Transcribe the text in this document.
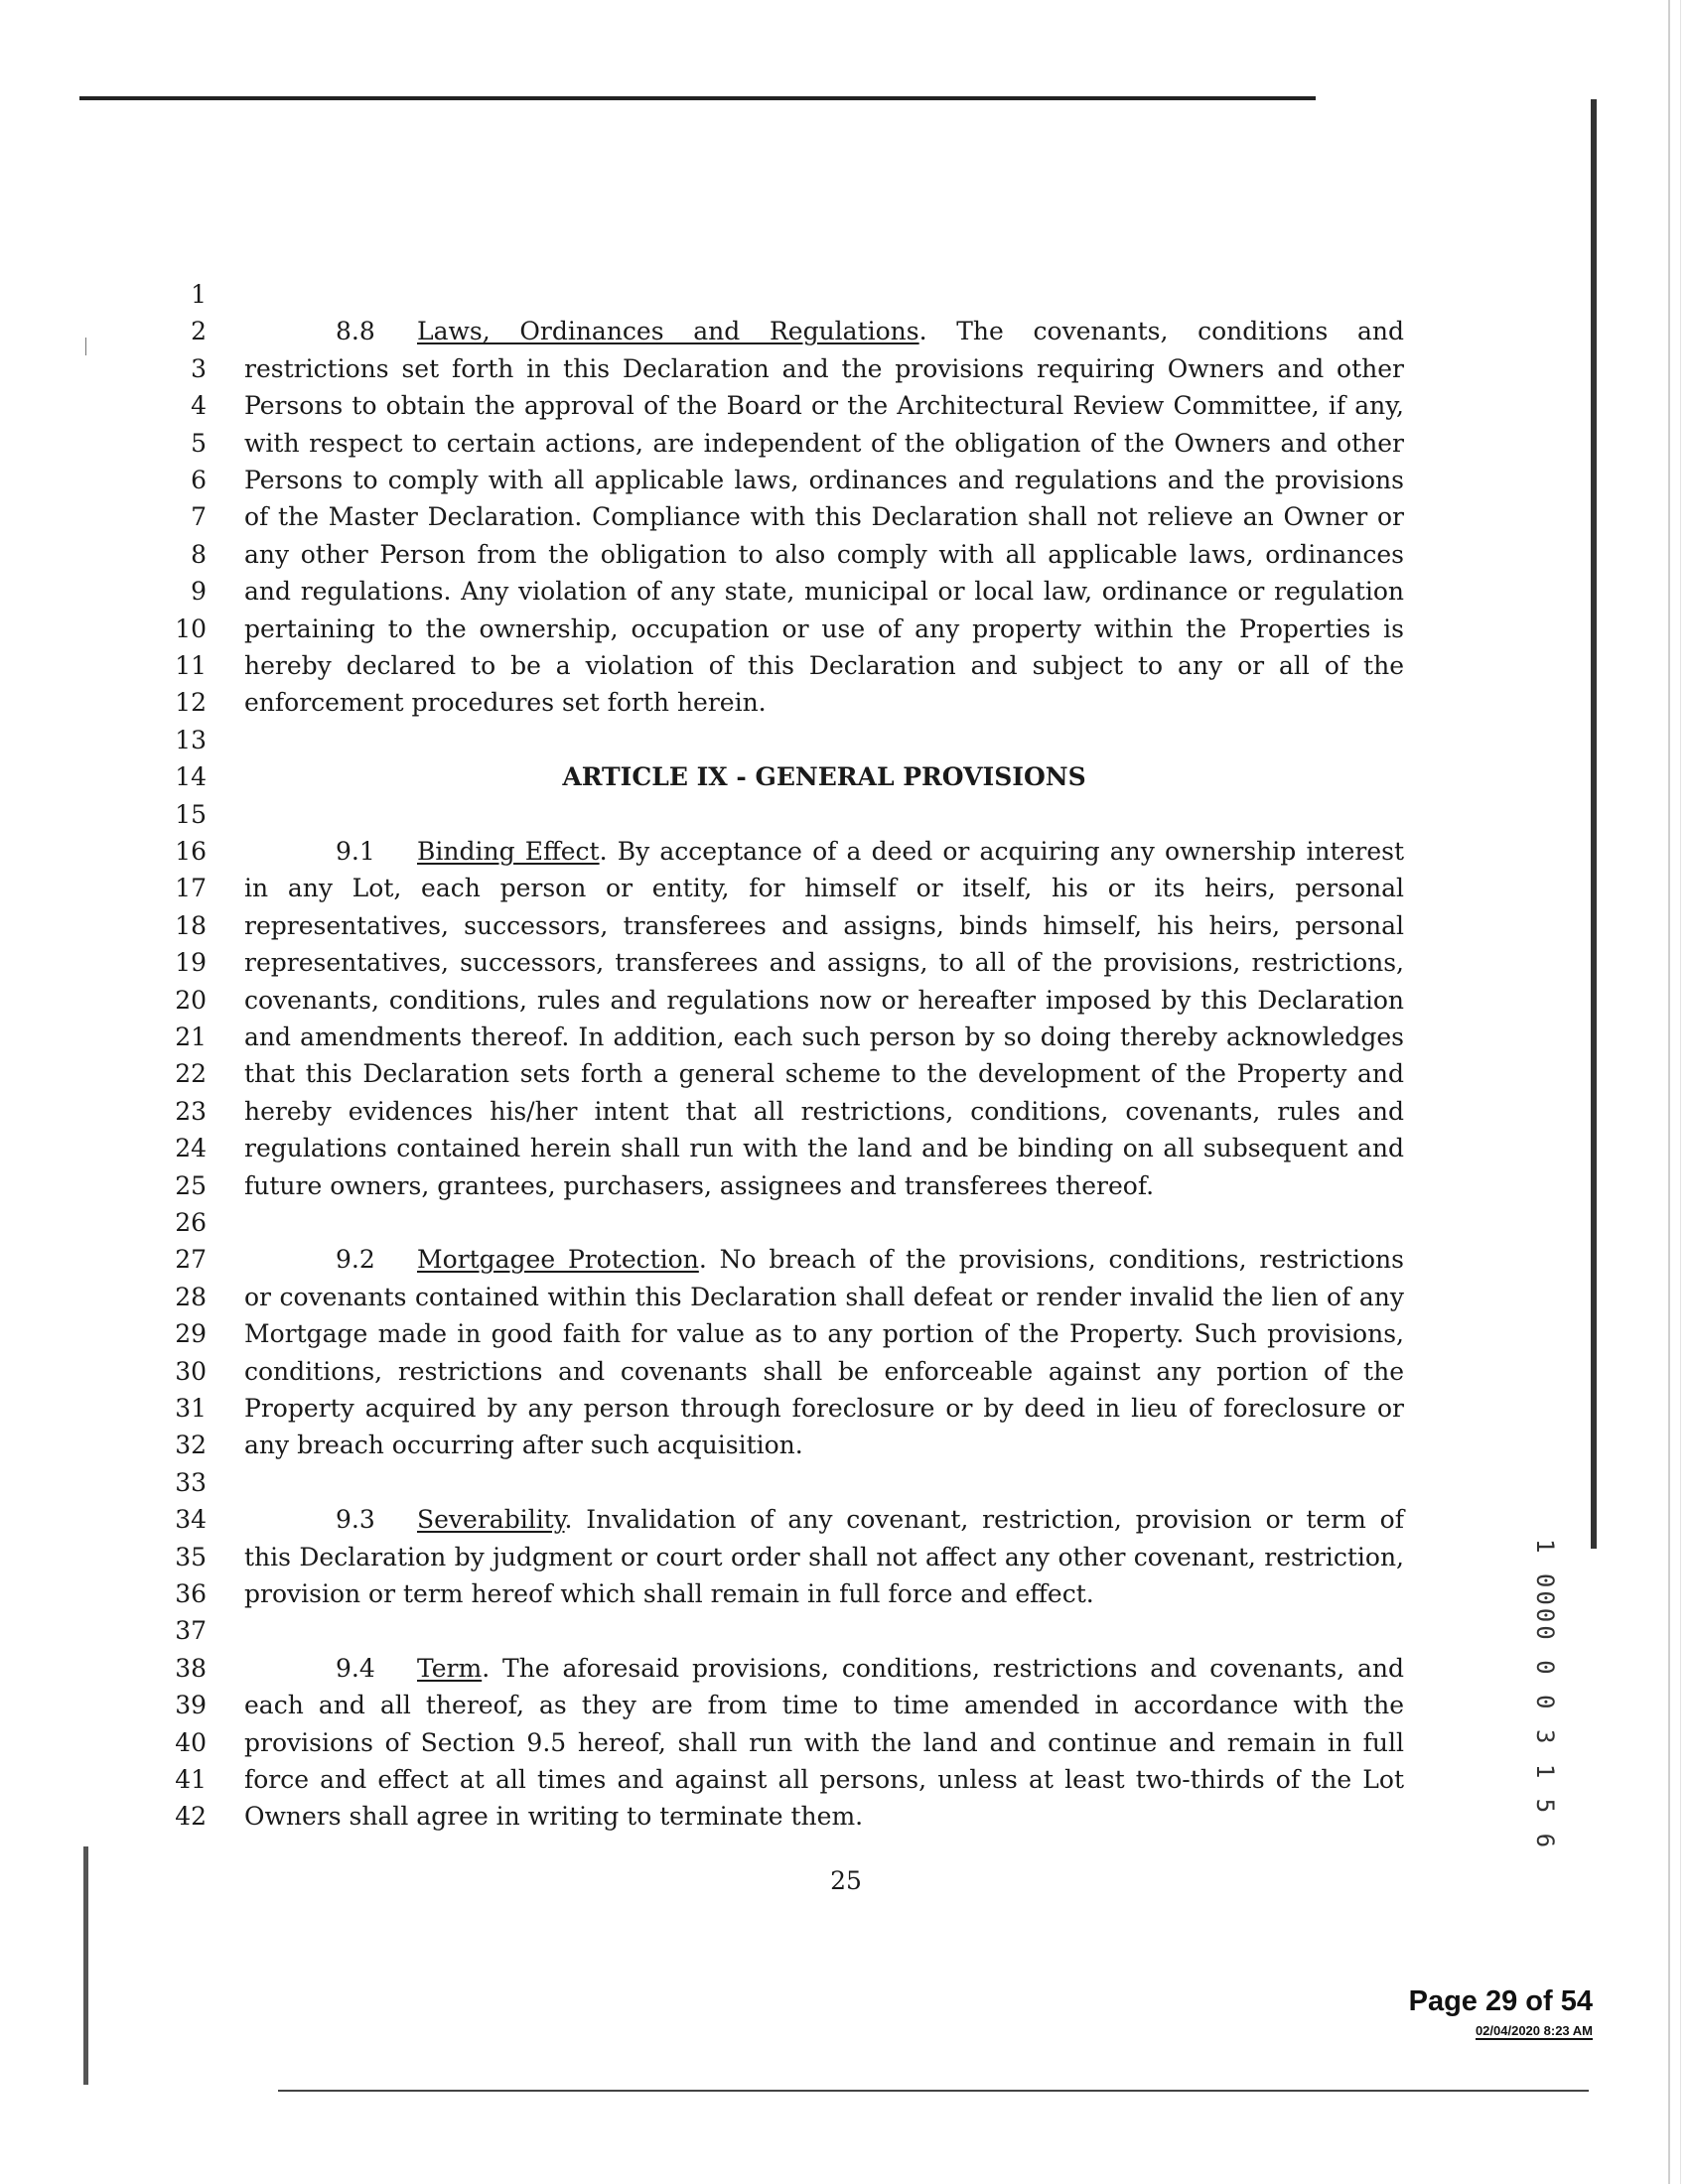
1
2	8.8 Laws, Ordinances and Regulations. The covenants, conditions and
3 restrictions set forth in this Declaration and the provisions requiring Owners and other
4 Persons to obtain the approval of the Board or the Architectural Review Committee, if any,
5 with respect to certain actions, are independent of the obligation of the Owners and other
6 Persons to comply with all applicable laws, ordinances and regulations and the provisions
7 of the Master Declaration. Compliance with this Declaration shall not relieve an Owner or
8 any other Person from the obligation to also comply with all applicable laws, ordinances
9 and regulations. Any violation of any state, municipal or local law, ordinance or regulation
10 pertaining to the ownership, occupation or use of any property within the Properties is
11 hereby declared to be a violation of this Declaration and subject to any or all of the
12 enforcement procedures set forth herein.
13
14	ARTICLE IX - GENERAL PROVISIONS
15
16	9.1 Binding Effect. By acceptance of a deed or acquiring any ownership interest
17 in any Lot, each person or entity, for himself or itself, his or its heirs, personal
18 representatives, successors, transferees and assigns, binds himself, his heirs, personal
19 representatives, successors, transferees and assigns, to all of the provisions, restrictions,
20 covenants, conditions, rules and regulations now or hereafter imposed by this Declaration
21 and amendments thereof. In addition, each such person by so doing thereby acknowledges
22 that this Declaration sets forth a general scheme to the development of the Property and
23 hereby evidences his/her intent that all restrictions, conditions, covenants, rules and
24 regulations contained herein shall run with the land and be binding on all subsequent and
25 future owners, grantees, purchasers, assignees and transferees thereof.
26
27	9.2 Mortgagee Protection. No breach of the provisions, conditions, restrictions
28 or covenants contained within this Declaration shall defeat or render invalid the lien of any
29 Mortgage made in good faith for value as to any portion of the Property. Such provisions,
30 conditions, restrictions and covenants shall be enforceable against any portion of the
31 Property acquired by any person through foreclosure or by deed in lieu of foreclosure or
32 any breach occurring after such acquisition.
33
34	9.3 Severability. Invalidation of any covenant, restriction, provision or term of
35 this Declaration by judgment or court order shall not affect any other covenant, restriction,
36 provision or term hereof which shall remain in full force and effect.
37
38	9.4 Term. The aforesaid provisions, conditions, restrictions and covenants, and
39 each and all thereof, as they are from time to time amended in accordance with the
40 provisions of Section 9.5 hereof, shall run with the land and continue and remain in full
41 force and effect at all times and against all persons, unless at least two-thirds of the Lot
42 Owners shall agree in writing to terminate them.
25
1 0000 0 0 3 1 5 6
Page 29 of 54
02/04/2020 8:23 AM
